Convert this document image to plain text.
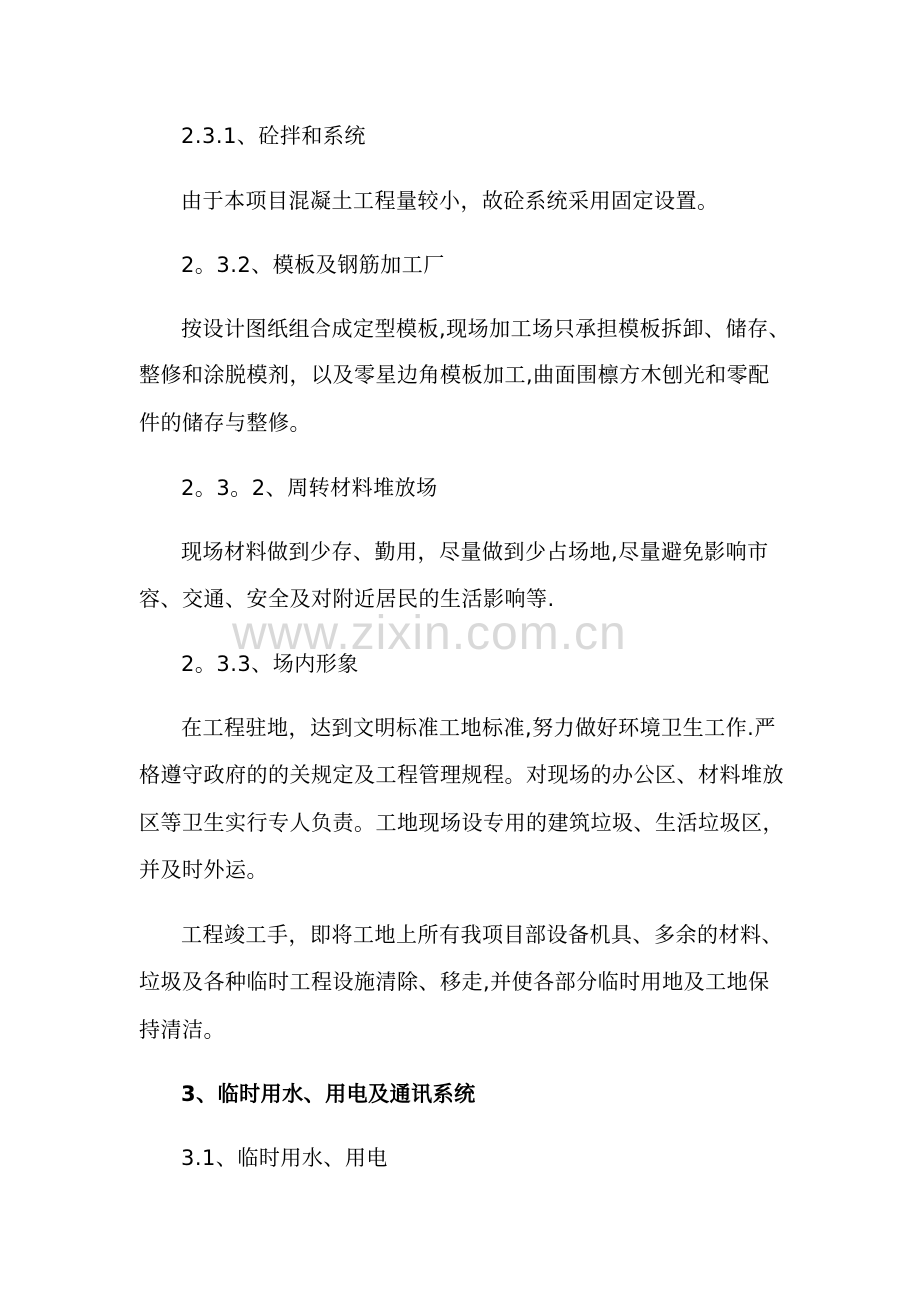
2.3.1、砼拌和系统
由于本项目混凝土工程量较小，故砼系统采用固定设置。
2。3.2、模板及钢筋加工厂
按设计图纸组合成定型模板,现场加工场只承担模板拆卸、储存、
整修和涂脱模剂，以及零星边角模板加工,曲面围檩方木刨光和零配
件的储存与整修。
2。3。2、周转材料堆放场
现场材料做到少存、勤用，尽量做到少占场地,尽量避免影响市
容、交通、安全及对附近居民的生活影响等.
2。3.3、场内形象
在工程驻地，达到文明标准工地标准,努力做好环境卫生工作.严
格遵守政府的的关规定及工程管理规程。对现场的办公区、材料堆放
区等卫生实行专人负责。工地现场设专用的建筑垃圾、生活垃圾区，
并及时外运。
工程竣工手，即将工地上所有我项目部设备机具、多余的材料、
垃圾及各种临时工程设施清除、移走,并使各部分临时用地及工地保
持清洁。
3、临时用水、用电及通讯系统
3.1、临时用水、用电
www.zixin.com.cn
